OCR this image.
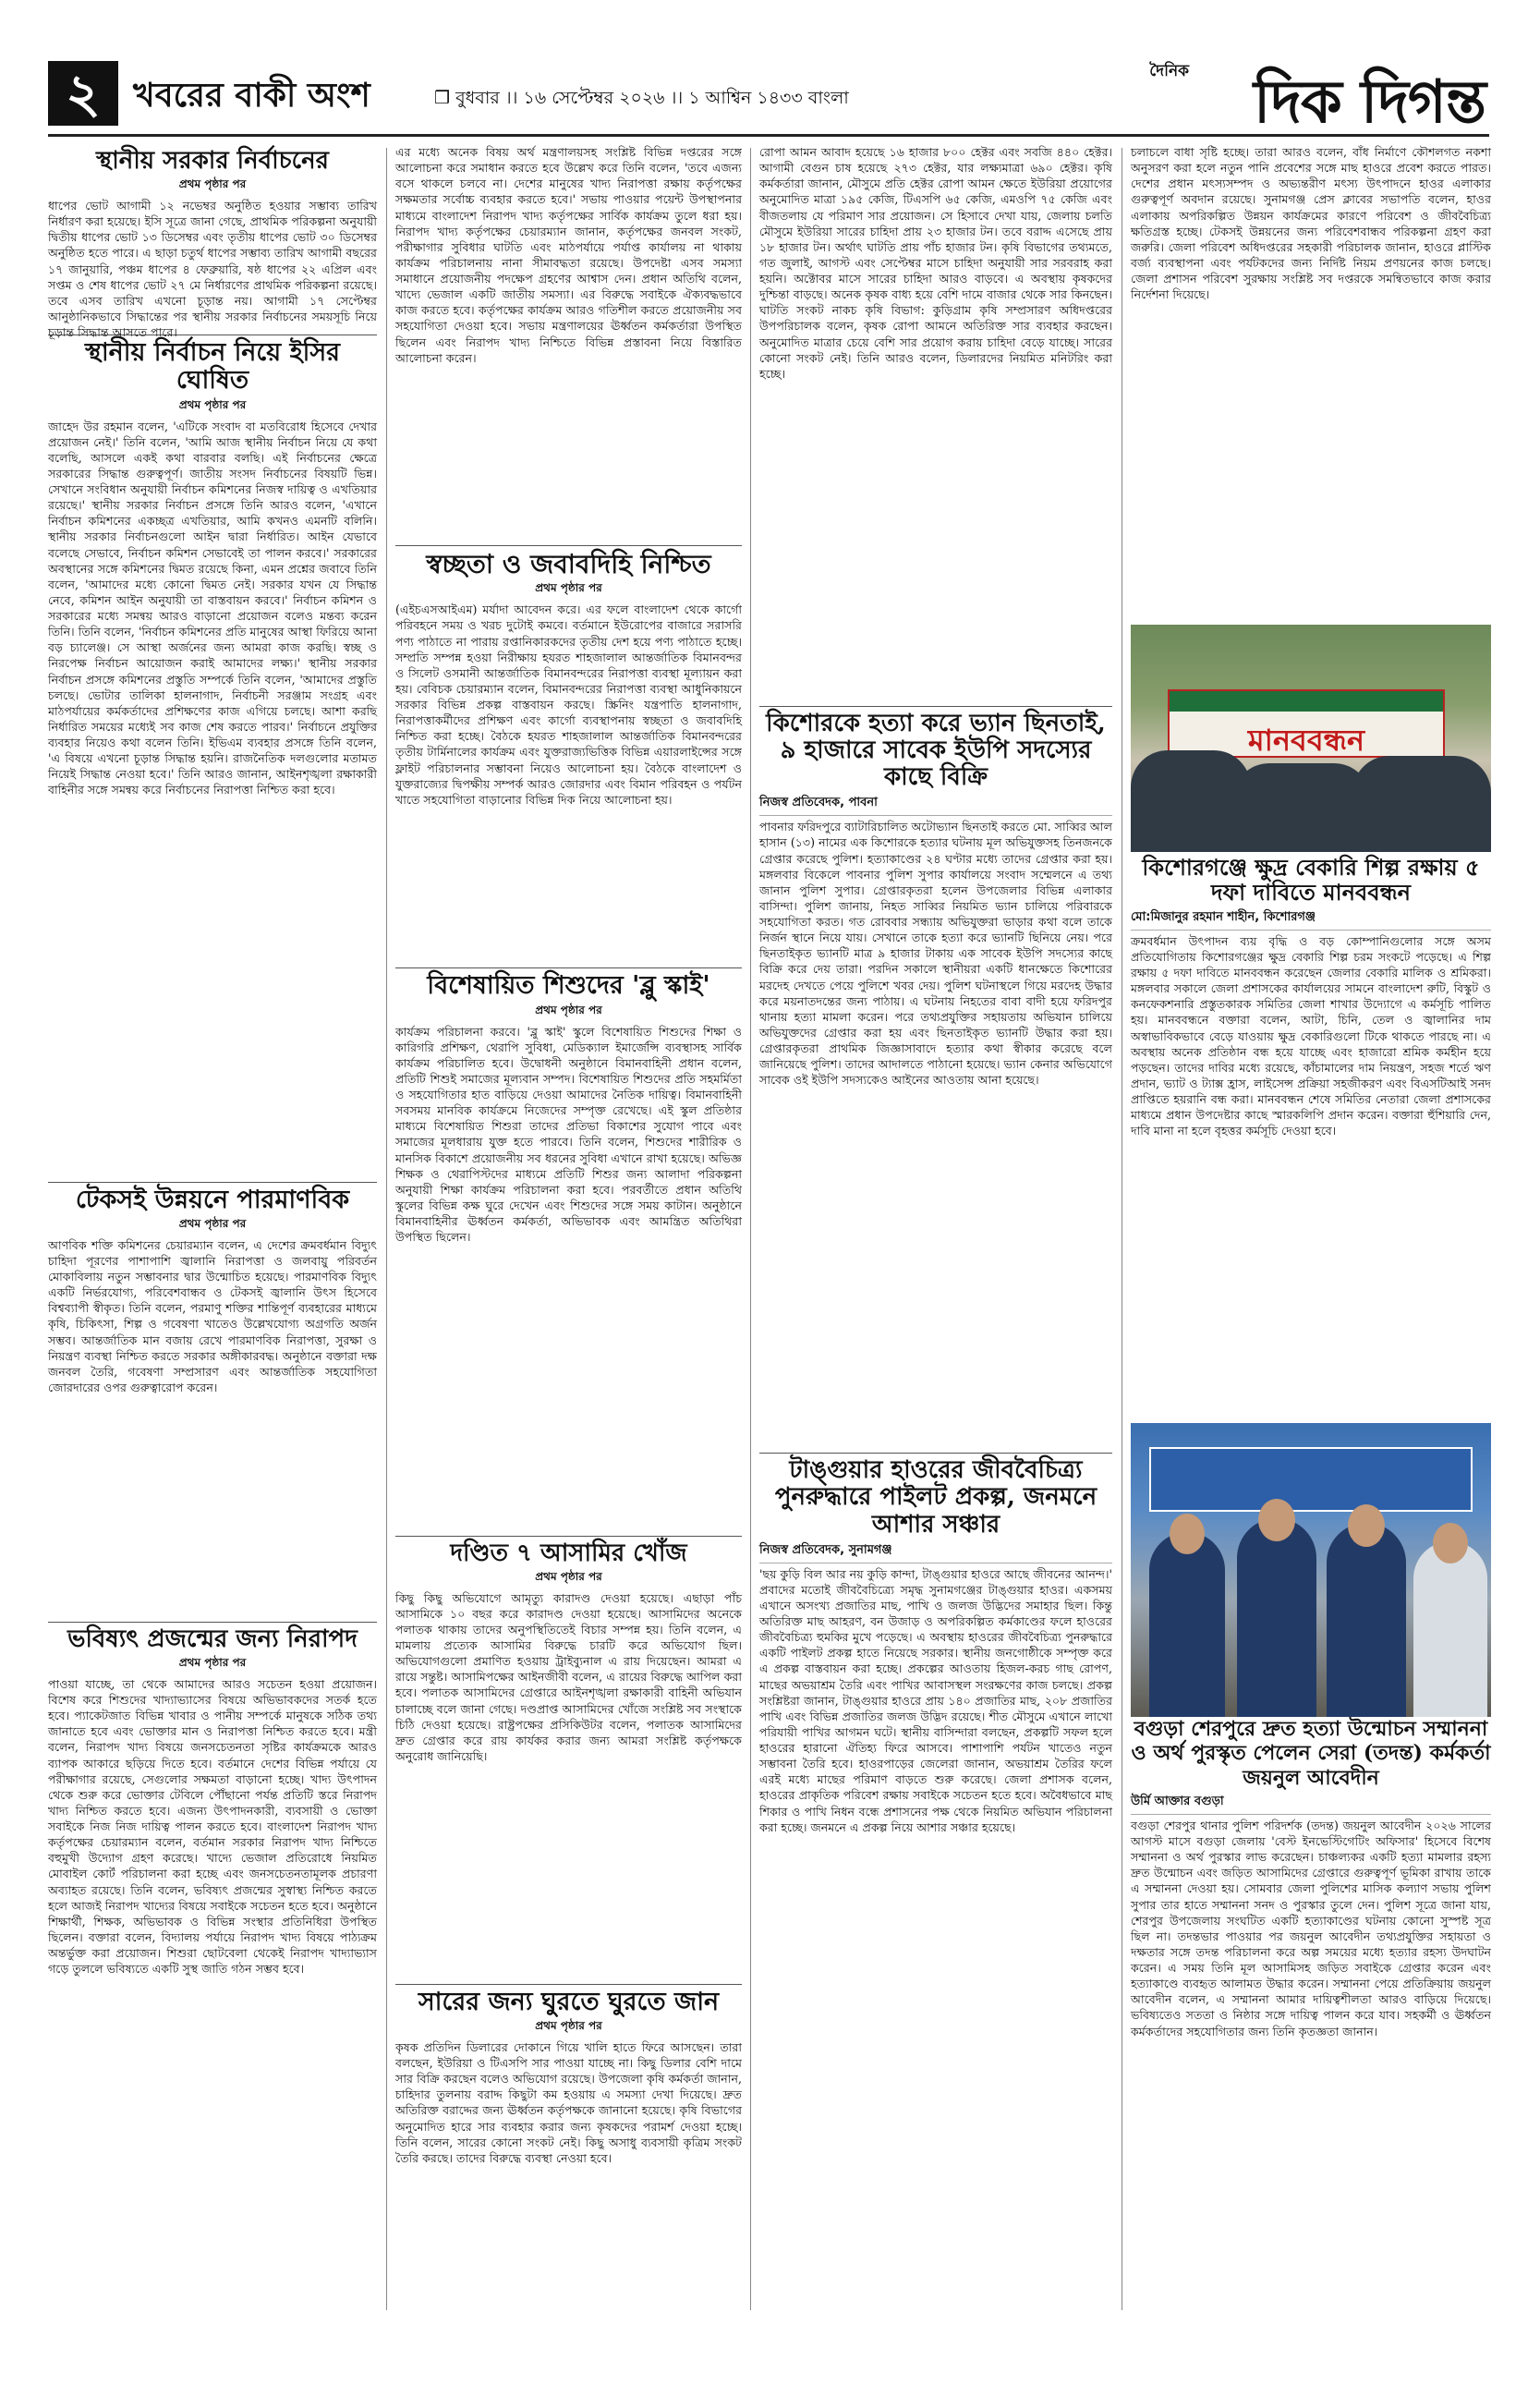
২ খবরের বাকী অংশ	❒ বুধবার ।। ১৬ সেপ্টেম্বর ২০২৬ ।। ১ আশ্বিন ১৪৩৩ বাংলা
দৈনিক দিক দিগন্ত
স্থানীয় সরকার নির্বাচনের
প্রথম পৃষ্ঠার পর
ধাপের ভোট আগামী ১২ নভেম্বর অনুষ্ঠিত হওয়ার সম্ভাব্য তারিখ নির্ধারণ করা হয়েছে। ইসি সূত্রে জানা গেছে, প্রাথমিক পরিকল্পনা অনুযায়ী দ্বিতীয় ধাপের ভোট ১৩ ডিসেম্বর এবং তৃতীয় ধাপের ভোট ৩০ ডিসেম্বর অনুষ্ঠিত হতে পারে। এ ছাড়া চতুর্থ ধাপের সম্ভাব্য তারিখ আগামী বছরের ১৭ জানুয়ারি, পঞ্চম ধাপের ৪ ফেব্রুয়ারি, ষষ্ঠ ধাপের ২২ এপ্রিল এবং সপ্তম ও শেষ ধাপের ভোট ২৭ মে নির্ধারণের প্রাথমিক পরিকল্পনা রয়েছে। তবে এসব তারিখ এখনো চূড়ান্ত নয়। আগামী ১৭ সেপ্টেম্বর আনুষ্ঠানিকভাবে সিদ্ধান্তের পর স্থানীয় সরকার নির্বাচনের সময়সূচি নিয়ে চূড়ান্ত সিদ্ধান্ত আসতে পারে।
স্থানীয় নির্বাচন নিয়ে ইসির ঘোষিত
প্রথম পৃষ্ঠার পর
জাহেদ উর রহমান বলেন, 'এটিকে সংবাদ বা মতবিরোধ হিসেবে দেখার প্রয়োজন নেই।' তিনি বলেন, 'আমি আজ স্থানীয় নির্বাচন নিয়ে যে কথা বলেছি, আসলে একই কথা বারবার বলছি। এই নির্বাচনের ক্ষেত্রে সরকারের সিদ্ধান্ত গুরুত্বপূর্ণ। জাতীয় সংসদ নির্বাচনের বিষয়টি ভিন্ন। সেখানে সংবিধান অনুযায়ী নির্বাচন কমিশনের নিজস্ব দায়িত্ব ও এখতিয়ার রয়েছে।' স্থানীয় সরকার নির্বাচন প্রসঙ্গে তিনি আরও বলেন, 'এখানে নির্বাচন কমিশনের একচ্ছত্র এখতিয়ার, আমি কখনও এমনটি বলিনি। স্থানীয় সরকার নির্বাচনগুলো আইন দ্বারা নির্ধারিত। আইন যেভাবে বলেছে সেভাবে, নির্বাচন কমিশন সেভাবেই তা পালন করবে।' সরকারের অবস্থানের সঙ্গে কমিশনের দ্বিমত রয়েছে কিনা, এমন প্রশ্নের জবাবে তিনি বলেন, 'আমাদের মধ্যে কোনো দ্বিমত নেই। সরকার যখন যে সিদ্ধান্ত নেবে, কমিশন আইন অনুযায়ী তা বাস্তবায়ন করবে।' নির্বাচন কমিশন ও সরকারের মধ্যে সমন্বয় আরও বাড়ানো প্রয়োজন বলেও মন্তব্য করেন তিনি। তিনি বলেন, 'নির্বাচন কমিশনের প্রতি মানুষের আস্থা ফিরিয়ে আনা বড় চ্যালেঞ্জ। সে আস্থা অর্জনের জন্য আমরা কাজ করছি। স্বচ্ছ ও নিরপেক্ষ নির্বাচন আয়োজন করাই আমাদের লক্ষ্য।' স্থানীয় সরকার নির্বাচন প্রসঙ্গে কমিশনের প্রস্তুতি সম্পর্কে তিনি বলেন, 'আমাদের প্রস্তুতি চলছে। ভোটার তালিকা হালনাগাদ, নির্বাচনী সরঞ্জাম সংগ্রহ এবং মাঠপর্যায়ের কর্মকর্তাদের প্রশিক্ষণের কাজ এগিয়ে চলছে। আশা করছি নির্ধারিত সময়ের মধ্যেই সব কাজ শেষ করতে পারব।' নির্বাচনে প্রযুক্তির ব্যবহার নিয়েও কথা বলেন তিনি। ইভিএম ব্যবহার প্রসঙ্গে তিনি বলেন, 'এ বিষয়ে এখনো চূড়ান্ত সিদ্ধান্ত হয়নি। রাজনৈতিক দলগুলোর মতামত নিয়েই সিদ্ধান্ত নেওয়া হবে।' তিনি আরও জানান, আইনশৃঙ্খলা রক্ষাকারী বাহিনীর সঙ্গে সমন্বয় করে নির্বাচনের নিরাপত্তা নিশ্চিত করা হবে।
টেকসই উন্নয়নে পারমাণবিক
প্রথম পৃষ্ঠার পর
আণবিক শক্তি কমিশনের চেয়ারম্যান বলেন, এ দেশের ক্রমবর্ধমান বিদ্যুৎ চাহিদা পূরণের পাশাপাশি জ্বালানি নিরাপত্তা ও জলবায়ু পরিবর্তন মোকাবিলায় নতুন সম্ভাবনার দ্বার উন্মোচিত হয়েছে। পারমাণবিক বিদ্যুৎ একটি নির্ভরযোগ্য, পরিবেশবান্ধব ও টেকসই জ্বালানি উৎস হিসেবে বিশ্বব্যাপী স্বীকৃত। তিনি বলেন, পরমাণু শক্তির শান্তিপূর্ণ ব্যবহারের মাধ্যমে কৃষি, চিকিৎসা, শিল্প ও গবেষণা খাতেও উল্লেখযোগ্য অগ্রগতি অর্জন সম্ভব। আন্তর্জাতিক মান বজায় রেখে পারমাণবিক নিরাপত্তা, সুরক্ষা ও নিয়ন্ত্রণ ব্যবস্থা নিশ্চিত করতে সরকার অঙ্গীকারবদ্ধ। অনুষ্ঠানে বক্তারা দক্ষ জনবল তৈরি, গবেষণা সম্প্রসারণ এবং আন্তর্জাতিক সহযোগিতা জোরদারের ওপর গুরুত্বারোপ করেন।
ভবিষ্যৎ প্রজন্মের জন্য নিরাপদ
প্রথম পৃষ্ঠার পর
পাওয়া যাচ্ছে, তা থেকে আমাদের আরও সচেতন হওয়া প্রয়োজন। বিশেষ করে শিশুদের খাদ্যাভ্যাসের বিষয়ে অভিভাবকদের সতর্ক হতে হবে। প্যাকেটজাত বিভিন্ন খাবার ও পানীয় সম্পর্কে মানুষকে সঠিক তথ্য জানাতে হবে এবং ভোক্তার মান ও নিরাপত্তা নিশ্চিত করতে হবে। মন্ত্রী বলেন, নিরাপদ খাদ্য বিষয়ে জনসচেতনতা সৃষ্টির কার্যক্রমকে আরও ব্যাপক আকারে ছড়িয়ে দিতে হবে। বর্তমানে দেশের বিভিন্ন পর্যায়ে যে পরীক্ষাগার রয়েছে, সেগুলোর সক্ষমতা বাড়ানো হচ্ছে। খাদ্য উৎপাদন থেকে শুরু করে ভোক্তার টেবিলে পৌঁছানো পর্যন্ত প্রতিটি স্তরে নিরাপদ খাদ্য নিশ্চিত করতে হবে। এজন্য উৎপাদনকারী, ব্যবসায়ী ও ভোক্তা সবাইকে নিজ নিজ দায়িত্ব পালন করতে হবে। বাংলাদেশ নিরাপদ খাদ্য কর্তৃপক্ষের চেয়ারম্যান বলেন, বর্তমান সরকার নিরাপদ খাদ্য নিশ্চিতে বহুমুখী উদ্যোগ গ্রহণ করেছে। খাদ্যে ভেজাল প্রতিরোধে নিয়মিত মোবাইল কোর্ট পরিচালনা করা হচ্ছে এবং জনসচেতনতামূলক প্রচারণা অব্যাহত রয়েছে। তিনি বলেন, ভবিষ্যৎ প্রজন্মের সুস্বাস্থ্য নিশ্চিত করতে হলে আজই নিরাপদ খাদ্যের বিষয়ে সবাইকে সচেতন হতে হবে। অনুষ্ঠানে শিক্ষার্থী, শিক্ষক, অভিভাবক ও বিভিন্ন সংস্থার প্রতিনিধিরা উপস্থিত ছিলেন। বক্তারা বলেন, বিদ্যালয় পর্যায়ে নিরাপদ খাদ্য বিষয়ে পাঠ্যক্রম অন্তর্ভুক্ত করা প্রয়োজন। শিশুরা ছোটবেলা থেকেই নিরাপদ খাদ্যাভ্যাস গড়ে তুললে ভবিষ্যতে একটি সুস্থ জাতি গঠন সম্ভব হবে।
এর মধ্যে অনেক বিষয় অর্থ মন্ত্রণালয়সহ সংশ্লিষ্ট বিভিন্ন দপ্তরের সঙ্গে আলোচনা করে সমাধান করতে হবে উল্লেখ করে তিনি বলেন, 'তবে এজন্য বসে থাকলে চলবে না। দেশের মানুষের খাদ্য নিরাপত্তা রক্ষায় কর্তৃপক্ষের সক্ষমতার সর্বোচ্চ ব্যবহার করতে হবে।' সভায় পাওয়ার পয়েন্ট উপস্থাপনার মাধ্যমে বাংলাদেশ নিরাপদ খাদ্য কর্তৃপক্ষের সার্বিক কার্যক্রম তুলে ধরা হয়। নিরাপদ খাদ্য কর্তৃপক্ষের চেয়ারম্যান জানান, কর্তৃপক্ষের জনবল সংকট, পরীক্ষাগার সুবিধার ঘাটতি এবং মাঠপর্যায়ে পর্যাপ্ত কার্যালয় না থাকায় কার্যক্রম পরিচালনায় নানা সীমাবদ্ধতা রয়েছে। উপদেষ্টা এসব সমস্যা সমাধানে প্রয়োজনীয় পদক্ষেপ গ্রহণের আশ্বাস দেন। প্রধান অতিথি বলেন, খাদ্যে ভেজাল একটি জাতীয় সমস্যা। এর বিরুদ্ধে সবাইকে ঐক্যবদ্ধভাবে কাজ করতে হবে। কর্তৃপক্ষের কার্যক্রম আরও গতিশীল করতে প্রয়োজনীয় সব সহযোগিতা দেওয়া হবে। সভায় মন্ত্রণালয়ের ঊর্ধ্বতন কর্মকর্তারা উপস্থিত ছিলেন এবং নিরাপদ খাদ্য নিশ্চিতে বিভিন্ন প্রস্তাবনা নিয়ে বিস্তারিত আলোচনা করেন।
স্বচ্ছতা ও জবাবদিহি নিশ্চিত
প্রথম পৃষ্ঠার পর
(এইচএসআইএম) মর্যাদা আবেদন করে। এর ফলে বাংলাদেশ থেকে কার্গো পরিবহনে সময় ও খরচ দুটোই কমবে। বর্তমানে ইউরোপের বাজারে সরাসরি পণ্য পাঠাতে না পারায় রপ্তানিকারকদের তৃতীয় দেশ হয়ে পণ্য পাঠাতে হচ্ছে। সম্প্রতি সম্পন্ন হওয়া নিরীক্ষায় হযরত শাহজালাল আন্তর্জাতিক বিমানবন্দর ও সিলেট ওসমানী আন্তর্জাতিক বিমানবন্দরের নিরাপত্তা ব্যবস্থা মূল্যায়ন করা হয়। বেবিচক চেয়ারম্যান বলেন, বিমানবন্দরের নিরাপত্তা ব্যবস্থা আধুনিকায়নে সরকার বিভিন্ন প্রকল্প বাস্তবায়ন করছে। স্ক্রিনিং যন্ত্রপাতি হালনাগাদ, নিরাপত্তাকর্মীদের প্রশিক্ষণ এবং কার্গো ব্যবস্থাপনায় স্বচ্ছতা ও জবাবদিহি নিশ্চিত করা হচ্ছে। বৈঠকে হযরত শাহজালাল আন্তর্জাতিক বিমানবন্দরের তৃতীয় টার্মিনালের কার্যক্রম এবং যুক্তরাজ্যভিত্তিক বিভিন্ন এয়ারলাইন্সের সঙ্গে ফ্লাইট পরিচালনার সম্ভাবনা নিয়েও আলোচনা হয়। বৈঠকে বাংলাদেশ ও যুক্তরাজ্যের দ্বিপক্ষীয় সম্পর্ক আরও জোরদার এবং বিমান পরিবহন ও পর্যটন খাতে সহযোগিতা বাড়ানোর বিভিন্ন দিক নিয়ে আলোচনা হয়।
বিশেষায়িত শিশুদের 'ব্লু স্কাই'
প্রথম পৃষ্ঠার পর
কার্যক্রম পরিচালনা করবে। 'ব্লু স্কাই' স্কুলে বিশেষায়িত শিশুদের শিক্ষা ও কারিগরি প্রশিক্ষণ, থেরাপি সুবিধা, মেডিক্যাল ইমার্জেন্সি ব্যবস্থাসহ সার্বিক কার্যক্রম পরিচালিত হবে। উদ্বোধনী অনুষ্ঠানে বিমানবাহিনী প্রধান বলেন, প্রতিটি শিশুই সমাজের মূল্যবান সম্পদ। বিশেষায়িত শিশুদের প্রতি সহমর্মিতা ও সহযোগিতার হাত বাড়িয়ে দেওয়া আমাদের নৈতিক দায়িত্ব। বিমানবাহিনী সবসময় মানবিক কার্যক্রমে নিজেদের সম্পৃক্ত রেখেছে। এই স্কুল প্রতিষ্ঠার মাধ্যমে বিশেষায়িত শিশুরা তাদের প্রতিভা বিকাশের সুযোগ পাবে এবং সমাজের মূলধারায় যুক্ত হতে পারবে। তিনি বলেন, শিশুদের শারীরিক ও মানসিক বিকাশে প্রয়োজনীয় সব ধরনের সুবিধা এখানে রাখা হয়েছে। অভিজ্ঞ শিক্ষক ও থেরাপিস্টদের মাধ্যমে প্রতিটি শিশুর জন্য আলাদা পরিকল্পনা অনুযায়ী শিক্ষা কার্যক্রম পরিচালনা করা হবে। পরবর্তীতে প্রধান অতিথি স্কুলের বিভিন্ন কক্ষ ঘুরে দেখেন এবং শিশুদের সঙ্গে সময় কাটান। অনুষ্ঠানে বিমানবাহিনীর ঊর্ধ্বতন কর্মকর্তা, অভিভাবক এবং আমন্ত্রিত অতিথিরা উপস্থিত ছিলেন।
দণ্ডিত ৭ আসামির খোঁজ
প্রথম পৃষ্ঠার পর
কিছু কিছু অভিযোগে আমৃত্যু কারাদণ্ড দেওয়া হয়েছে। এছাড়া পাঁচ আসামিকে ১০ বছর করে কারাদণ্ড দেওয়া হয়েছে। আসামিদের অনেকে পলাতক থাকায় তাদের অনুপস্থিতিতেই বিচার সম্পন্ন হয়। তিনি বলেন, এ মামলায় প্রত্যেক আসামির বিরুদ্ধে চারটি করে অভিযোগ ছিল। অভিযোগগুলো প্রমাণিত হওয়ায় ট্রাইব্যুনাল এ রায় দিয়েছেন। আমরা এ রায়ে সন্তুষ্ট। আসামিপক্ষের আইনজীবী বলেন, এ রায়ের বিরুদ্ধে আপিল করা হবে। পলাতক আসামিদের গ্রেপ্তারে আইনশৃঙ্খলা রক্ষাকারী বাহিনী অভিযান চালাচ্ছে বলে জানা গেছে। দণ্ডপ্রাপ্ত আসামিদের খোঁজে সংশ্লিষ্ট সব সংস্থাকে চিঠি দেওয়া হয়েছে। রাষ্ট্রপক্ষের প্রসিকিউটর বলেন, পলাতক আসামিদের দ্রুত গ্রেপ্তার করে রায় কার্যকর করার জন্য আমরা সংশ্লিষ্ট কর্তৃপক্ষকে অনুরোধ জানিয়েছি।
সারের জন্য ঘুরতে ঘুরতে জান
প্রথম পৃষ্ঠার পর
কৃষক প্রতিদিন ডিলারের দোকানে গিয়ে খালি হাতে ফিরে আসছেন। তারা বলছেন, ইউরিয়া ও টিএসপি সার পাওয়া যাচ্ছে না। কিছু ডিলার বেশি দামে সার বিক্রি করছেন বলেও অভিযোগ রয়েছে। উপজেলা কৃষি কর্মকর্তা জানান, চাহিদার তুলনায় বরাদ্দ কিছুটা কম হওয়ায় এ সমস্যা দেখা দিয়েছে। দ্রুত অতিরিক্ত বরাদ্দের জন্য ঊর্ধ্বতন কর্তৃপক্ষকে জানানো হয়েছে। কৃষি বিভাগের অনুমোদিত হারে সার ব্যবহার করার জন্য কৃষকদের পরামর্শ দেওয়া হচ্ছে। তিনি বলেন, সারের কোনো সংকট নেই। কিছু অসাধু ব্যবসায়ী কৃত্রিম সংকট তৈরি করছে। তাদের বিরুদ্ধে ব্যবস্থা নেওয়া হবে।
রোপা আমন আবাদ হয়েছে ১৬ হাজার ৮০০ হেক্টর এবং সবজি ৪৪০ হেক্টর। আগামী বেগুন চাষ হয়েছে ২৭৩ হেক্টর, যার লক্ষ্যমাত্রা ৬৯০ হেক্টর। কৃষি কর্মকর্তারা জানান, মৌসুমে প্রতি হেক্টর রোপা আমন ক্ষেতে ইউরিয়া প্রয়োগের অনুমোদিত মাত্রা ১৯৫ কেজি, টিএসপি ৬৫ কেজি, এমওপি ৭৫ কেজি এবং বীজতলায় যে পরিমাণ সার প্রয়োজন। সে হিসাবে দেখা যায়, জেলায় চলতি মৌসুমে ইউরিয়া সারের চাহিদা প্রায় ২৩ হাজার টন। তবে বরাদ্দ এসেছে প্রায় ১৮ হাজার টন। অর্থাৎ ঘাটতি প্রায় পাঁচ হাজার টন। কৃষি বিভাগের তথ্যমতে, গত জুলাই, আগস্ট এবং সেপ্টেম্বর মাসে চাহিদা অনুযায়ী সার সরবরাহ করা হয়নি। অক্টোবর মাসে সারের চাহিদা আরও বাড়বে। এ অবস্থায় কৃষকদের দুশ্চিন্তা বাড়ছে। অনেক কৃষক বাধ্য হয়ে বেশি দামে বাজার থেকে সার কিনছেন। ঘাটতি সংকট নাকচ কৃষি বিভাগ: কুড়িগ্রাম কৃষি সম্প্রসারণ অধিদপ্তরের উপপরিচালক বলেন, কৃষক রোপা আমনে অতিরিক্ত সার ব্যবহার করছেন। অনুমোদিত মাত্রার চেয়ে বেশি সার প্রয়োগ করায় চাহিদা বেড়ে যাচ্ছে। সারের কোনো সংকট নেই। তিনি আরও বলেন, ডিলারদের নিয়মিত মনিটরিং করা হচ্ছে।
কিশোরকে হত্যা করে ভ্যান ছিনতাই, ৯ হাজারে সাবেক ইউপি সদস্যের কাছে বিক্রি
নিজস্ব প্রতিবেদক, পাবনা
পাবনার ফরিদপুরে ব্যাটারিচালিত অটোভ্যান ছিনতাই করতে মো. সাব্বির আল হাসান (১৩) নামের এক কিশোরকে হত্যার ঘটনায় মূল অভিযুক্তসহ তিনজনকে গ্রেপ্তার করেছে পুলিশ। হত্যাকাণ্ডের ২৪ ঘণ্টার মধ্যে তাদের গ্রেপ্তার করা হয়। মঙ্গলবার বিকেলে পাবনার পুলিশ সুপার কার্যালয়ে সংবাদ সম্মেলনে এ তথ্য জানান পুলিশ সুপার। গ্রেপ্তারকৃতরা হলেন উপজেলার বিভিন্ন এলাকার বাসিন্দা। পুলিশ জানায়, নিহত সাব্বির নিয়মিত ভ্যান চালিয়ে পরিবারকে সহযোগিতা করত। গত রোববার সন্ধ্যায় অভিযুক্তরা ভাড়ার কথা বলে তাকে নির্জন স্থানে নিয়ে যায়। সেখানে তাকে হত্যা করে ভ্যানটি ছিনিয়ে নেয়। পরে ছিনতাইকৃত ভ্যানটি মাত্র ৯ হাজার টাকায় এক সাবেক ইউপি সদস্যের কাছে বিক্রি করে দেয় তারা। পরদিন সকালে স্থানীয়রা একটি ধানক্ষেতে কিশোরের মরদেহ দেখতে পেয়ে পুলিশে খবর দেয়। পুলিশ ঘটনাস্থলে গিয়ে মরদেহ উদ্ধার করে ময়নাতদন্তের জন্য পাঠায়। এ ঘটনায় নিহতের বাবা বাদী হয়ে ফরিদপুর থানায় হত্যা মামলা করেন। পরে তথ্যপ্রযুক্তির সহায়তায় অভিযান চালিয়ে অভিযুক্তদের গ্রেপ্তার করা হয় এবং ছিনতাইকৃত ভ্যানটি উদ্ধার করা হয়। গ্রেপ্তারকৃতরা প্রাথমিক জিজ্ঞাসাবাদে হত্যার কথা স্বীকার করেছে বলে জানিয়েছে পুলিশ। তাদের আদালতে পাঠানো হয়েছে। ভ্যান কেনার অভিযোগে সাবেক ওই ইউপি সদস্যকেও আইনের আওতায় আনা হয়েছে।
টাঙ্গুয়ার হাওরের জীববৈচিত্র্য পুনরুদ্ধারে পাইলট প্রকল্প, জনমনে আশার সঞ্চার
নিজস্ব প্রতিবেদক, সুনামগঞ্জ
'ছয় কুড়ি বিল আর নয় কুড়ি কান্দা, টাঙ্গুয়ার হাওরে আছে জীবনের আনন্দ।' প্রবাদের মতোই জীববৈচিত্র্যে সমৃদ্ধ সুনামগঞ্জের টাঙ্গুয়ার হাওর। একসময় এখানে অসংখ্য প্রজাতির মাছ, পাখি ও জলজ উদ্ভিদের সমাহার ছিল। কিন্তু অতিরিক্ত মাছ আহরণ, বন উজাড় ও অপরিকল্পিত কর্মকাণ্ডের ফলে হাওরের জীববৈচিত্র্য হুমকির মুখে পড়েছে। এ অবস্থায় হাওরের জীববৈচিত্র্য পুনরুদ্ধারে একটি পাইলট প্রকল্প হাতে নিয়েছে সরকার। স্থানীয় জনগোষ্ঠীকে সম্পৃক্ত করে এ প্রকল্প বাস্তবায়ন করা হচ্ছে। প্রকল্পের আওতায় হিজল-করচ গাছ রোপণ, মাছের অভয়াশ্রম তৈরি এবং পাখির আবাসস্থল সংরক্ষণের কাজ চলছে। প্রকল্প সংশ্লিষ্টরা জানান, টাঙ্গুয়ার হাওরে প্রায় ১৪০ প্রজাতির মাছ, ২০৮ প্রজাতির পাখি এবং বিভিন্ন প্রজাতির জলজ উদ্ভিদ রয়েছে। শীত মৌসুমে এখানে লাখো পরিযায়ী পাখির আগমন ঘটে। স্থানীয় বাসিন্দারা বলছেন, প্রকল্পটি সফল হলে হাওরের হারানো ঐতিহ্য ফিরে আসবে। পাশাপাশি পর্যটন খাতেও নতুন সম্ভাবনা তৈরি হবে। হাওরপাড়ের জেলেরা জানান, অভয়াশ্রম তৈরির ফলে এরই মধ্যে মাছের পরিমাণ বাড়তে শুরু করেছে। জেলা প্রশাসক বলেন, হাওরের প্রাকৃতিক পরিবেশ রক্ষায় সবাইকে সচেতন হতে হবে। অবৈধভাবে মাছ শিকার ও পাখি নিধন বন্ধে প্রশাসনের পক্ষ থেকে নিয়মিত অভিযান পরিচালনা করা হচ্ছে। জনমনে এ প্রকল্প নিয়ে আশার সঞ্চার হয়েছে।
চলাচলে বাধা সৃষ্টি হচ্ছে। তারা আরও বলেন, বাঁধ নির্মাণে কৌশলগত নকশা অনুসরণ করা হলে নতুন পানি প্রবেশের সঙ্গে মাছ হাওরে প্রবেশ করতে পারত। দেশের প্রধান মৎস্যসম্পদ ও অভ্যন্তরীণ মৎস্য উৎপাদনে হাওর এলাকার গুরুত্বপূর্ণ অবদান রয়েছে। সুনামগঞ্জ প্রেস ক্লাবের সভাপতি বলেন, হাওর এলাকায় অপরিকল্পিত উন্নয়ন কার্যক্রমের কারণে পরিবেশ ও জীববৈচিত্র্য ক্ষতিগ্রস্ত হচ্ছে। টেকসই উন্নয়নের জন্য পরিবেশবান্ধব পরিকল্পনা গ্রহণ করা জরুরি। জেলা পরিবেশ অধিদপ্তরের সহকারী পরিচালক জানান, হাওরে প্লাস্টিক বর্জ্য ব্যবস্থাপনা এবং পর্যটকদের জন্য নির্দিষ্ট নিয়ম প্রণয়নের কাজ চলছে। জেলা প্রশাসন পরিবেশ সুরক্ষায় সংশ্লিষ্ট সব দপ্তরকে সমন্বিতভাবে কাজ করার নির্দেশনা দিয়েছে।
মানববন্ধন
কিশোরগঞ্জে ক্ষুদ্র বেকারি শিল্প রক্ষায় ৫ দফা দাবিতে মানববন্ধন
মো:মিজানুর রহমান শাহীন, কিশোরগঞ্জ
ক্রমবর্ধমান উৎপাদন ব্যয় বৃদ্ধি ও বড় কোম্পানিগুলোর সঙ্গে অসম প্রতিযোগিতায় কিশোরগঞ্জের ক্ষুদ্র বেকারি শিল্প চরম সংকটে পড়েছে। এ শিল্প রক্ষায় ৫ দফা দাবিতে মানববন্ধন করেছেন জেলার বেকারি মালিক ও শ্রমিকরা। মঙ্গলবার সকালে জেলা প্রশাসকের কার্যালয়ের সামনে বাংলাদেশ রুটি, বিস্কুট ও কনফেকশনারি প্রস্তুতকারক সমিতির জেলা শাখার উদ্যোগে এ কর্মসূচি পালিত হয়। মানববন্ধনে বক্তারা বলেন, আটা, চিনি, তেল ও জ্বালানির দাম অস্বাভাবিকভাবে বেড়ে যাওয়ায় ক্ষুদ্র বেকারিগুলো টিকে থাকতে পারছে না। এ অবস্থায় অনেক প্রতিষ্ঠান বন্ধ হয়ে যাচ্ছে এবং হাজারো শ্রমিক কর্মহীন হয়ে পড়ছেন। তাদের দাবির মধ্যে রয়েছে, কাঁচামালের দাম নিয়ন্ত্রণ, সহজ শর্তে ঋণ প্রদান, ভ্যাট ও ট্যাক্স হ্রাস, লাইসেন্স প্রক্রিয়া সহজীকরণ এবং বিএসটিআই সনদ প্রাপ্তিতে হয়রানি বন্ধ করা। মানববন্ধন শেষে সমিতির নেতারা জেলা প্রশাসকের মাধ্যমে প্রধান উপদেষ্টার কাছে স্মারকলিপি প্রদান করেন। বক্তারা হুঁশিয়ারি দেন, দাবি মানা না হলে বৃহত্তর কর্মসূচি দেওয়া হবে।
বগুড়া শেরপুরে দ্রুত হত্যা উন্মোচন সম্মাননা ও অর্থ পুরস্কৃত পেলেন সেরা (তদন্ত) কর্মকর্তা জয়নুল আবেদীন
উর্মি আক্তার বগুড়া
বগুড়া শেরপুর থানার পুলিশ পরিদর্শক (তদন্ত) জয়নুল আবেদীন ২০২৬ সালের আগস্ট মাসে বগুড়া জেলায় 'বেস্ট ইনভেস্টিগেটিং অফিসার' হিসেবে বিশেষ সম্মাননা ও অর্থ পুরস্কার লাভ করেছেন। চাঞ্চল্যকর একটি হত্যা মামলার রহস্য দ্রুত উন্মোচন এবং জড়িত আসামিদের গ্রেপ্তারে গুরুত্বপূর্ণ ভূমিকা রাখায় তাকে এ সম্মাননা দেওয়া হয়। সোমবার জেলা পুলিশের মাসিক কল্যাণ সভায় পুলিশ সুপার তার হাতে সম্মাননা সনদ ও পুরস্কার তুলে দেন। পুলিশ সূত্রে জানা যায়, শেরপুর উপজেলায় সংঘটিত একটি হত্যাকাণ্ডের ঘটনায় কোনো সুস্পষ্ট সূত্র ছিল না। তদন্তভার পাওয়ার পর জয়নুল আবেদীন তথ্যপ্রযুক্তির সহায়তা ও দক্ষতার সঙ্গে তদন্ত পরিচালনা করে অল্প সময়ের মধ্যে হত্যার রহস্য উদঘাটন করেন। এ সময় তিনি মূল আসামিসহ জড়িত সবাইকে গ্রেপ্তার করেন এবং হত্যাকাণ্ডে ব্যবহৃত আলামত উদ্ধার করেন। সম্মাননা পেয়ে প্রতিক্রিয়ায় জয়নুল আবেদীন বলেন, এ সম্মাননা আমার দায়িত্বশীলতা আরও বাড়িয়ে দিয়েছে। ভবিষ্যতেও সততা ও নিষ্ঠার সঙ্গে দায়িত্ব পালন করে যাব। সহকর্মী ও ঊর্ধ্বতন কর্মকর্তাদের সহযোগিতার জন্য তিনি কৃতজ্ঞতা জানান।
